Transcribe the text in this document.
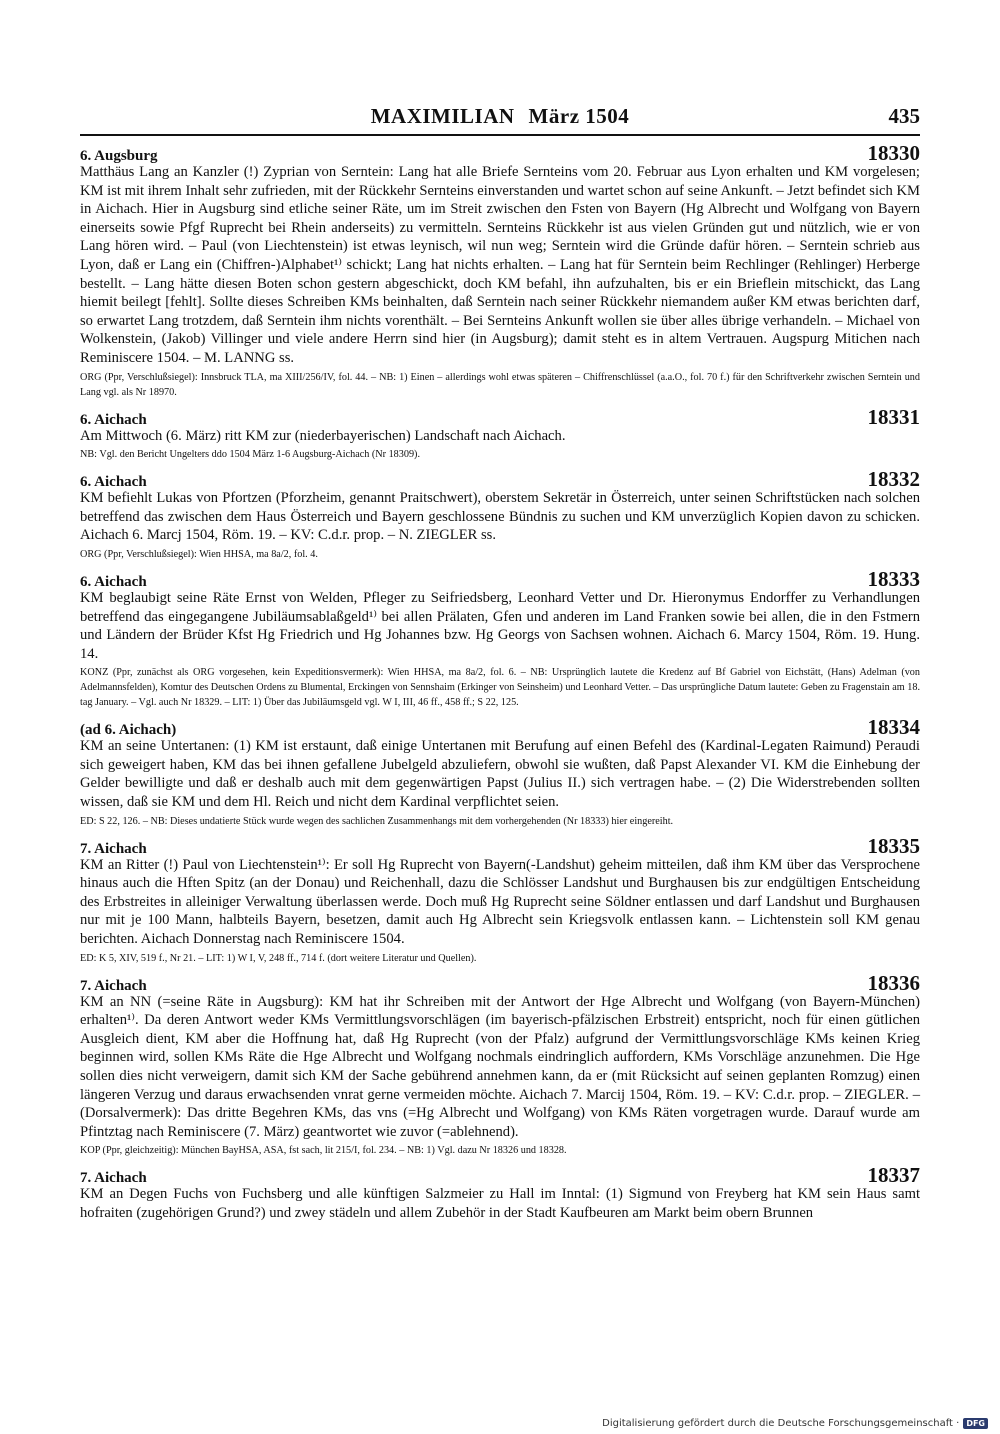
MAXIMILIAN März 1504	435
6. Augsburg	18330

Matthäus Lang an Kanzler (!) Zyprian von Serntein: Lang hat alle Briefe Sernteins vom 20. Februar aus Lyon erhalten und KM vorgelesen; KM ist mit ihrem Inhalt sehr zufrieden, mit der Rückkehr Sernteins einverstanden und wartet schon auf seine Ankunft. – Jetzt befindet sich KM in Aichach. Hier in Augsburg sind etliche seiner Räte, um im Streit zwischen den Fsten von Bayern (Hg Albrecht und Wolfgang von Bayern einerseits sowie Pfgf Ruprecht bei Rhein anderseits) zu vermitteln. Sernteins Rückkehr ist aus vielen Gründen gut und nützlich, wie er von Lang hören wird. – Paul (von Liechtenstein) ist etwas leynisch, wil nun weg; Serntein wird die Gründe dafür hören. – Serntein schrieb aus Lyon, daß er Lang ein (Chiffren-)Alphabet¹⁾ schickt; Lang hat nichts erhalten. – Lang hat für Serntein beim Rechlinger (Rehlinger) Herberge bestellt. – Lang hätte diesen Boten schon gestern abgeschickt, doch KM befahl, ihn aufzuhalten, bis er ein Brieflein mitschickt, das Lang hiemit beilegt [fehlt]. Sollte dieses Schreiben KMs beinhalten, daß Serntein nach seiner Rückkehr niemandem außer KM etwas berichten darf, so erwartet Lang trotzdem, daß Serntein ihm nichts vorenthält. – Bei Sernteins Ankunft wollen sie über alles übrige verhandeln. – Michael von Wolkenstein, (Jakob) Villinger und viele andere Herrn sind hier (in Augsburg); damit steht es in altem Vertrauen. Augspurg Mitichen nach Reminiscere 1504. – M. LANNG ss.

ORG (Ppr, Verschlußsiegel): Innsbruck TLA, ma XIII/256/IV, fol. 44. – NB: 1) Einen – allerdings wohl etwas späteren – Chiffrenschlüssel (a.a.O., fol. 70 f.) für den Schriftverkehr zwischen Serntein und Lang vgl. als Nr 18970.

6. Aichach	18331

Am Mittwoch (6. März) ritt KM zur (niederbayerischen) Landschaft nach Aichach.

NB: Vgl. den Bericht Ungelters ddo 1504 März 1-6 Augsburg-Aichach (Nr 18309).

6. Aichach	18332

KM befiehlt Lukas von Pfortzen (Pforzheim, genannt Praitschwert), oberstem Sekretär in Österreich, unter seinen Schriftstücken nach solchen betreffend das zwischen dem Haus Österreich und Bayern geschlossene Bündnis zu suchen und KM unverzüglich Kopien davon zu schicken. Aichach 6. Marcj 1504, Röm. 19. – KV: C.d.r. prop. – N. ZIEGLER ss.

ORG (Ppr, Verschlußsiegel): Wien HHSA, ma 8a/2, fol. 4.

6. Aichach	18333

KM beglaubigt seine Räte Ernst von Welden, Pfleger zu Seifriedsberg, Leonhard Vetter und Dr. Hieronymus Endorffer zu Verhandlungen betreffend das eingegangene Jubiläumsablaßgeld¹⁾ bei allen Prälaten, Gfen und anderen im Land Franken sowie bei allen, die in den Fstmern und Ländern der Brüder Kfst Hg Friedrich und Hg Johannes bzw. Hg Georgs von Sachsen wohnen. Aichach 6. Marcy 1504, Röm. 19. Hung. 14.

KONZ (Ppr, zunächst als ORG vorgesehen, kein Expeditionsvermerk): Wien HHSA, ma 8a/2, fol. 6. – NB: Ursprünglich lautete die Kredenz auf Bf Gabriel von Eichstätt, (Hans) Adelman (von Adelmannsfelden), Komtur des Deutschen Ordens zu Blumental, Erckingen von Sennshaim (Erkinger von Seinsheim) und Leonhard Vetter. – Das ursprüngliche Datum lautete: Geben zu Fragenstain am 18. tag January. – Vgl. auch Nr 18329. – LIT: 1) Über das Jubiläumsgeld vgl. W I, III, 46 ff., 458 ff.; S 22, 125.

(ad 6. Aichach)	18334

KM an seine Untertanen: (1) KM ist erstaunt, daß einige Untertanen mit Berufung auf einen Befehl des (Kardinal-Legaten Raimund) Peraudi sich geweigert haben, KM das bei ihnen gefallene Jubelgeld abzuliefern, obwohl sie wußten, daß Papst Alexander VI. KM die Einhebung der Gelder bewilligte und daß er deshalb auch mit dem gegenwärtigen Papst (Julius II.) sich vertragen habe. – (2) Die Widerstrebenden sollten wissen, daß sie KM und dem Hl. Reich und nicht dem Kardinal verpflichtet seien.

ED: S 22, 126. – NB: Dieses undatierte Stück wurde wegen des sachlichen Zusammenhangs mit dem vorhergehenden (Nr 18333) hier eingereiht.

7. Aichach	18335

KM an Ritter (!) Paul von Liechtenstein¹⁾: Er soll Hg Ruprecht von Bayern(-Landshut) geheim mitteilen, daß ihm KM über das Versprochene hinaus auch die Hften Spitz (an der Donau) und Reichenhall, dazu die Schlösser Landshut und Burghausen bis zur endgültigen Entscheidung des Erbstreites in alleiniger Verwaltung überlassen werde. Doch muß Hg Ruprecht seine Söldner entlassen und darf Landshut und Burghausen nur mit je 100 Mann, halbteils Bayern, besetzen, damit auch Hg Albrecht sein Kriegsvolk entlassen kann. – Lichtenstein soll KM genau berichten. Aichach Donnerstag nach Reminiscere 1504.

ED: K 5, XIV, 519 f., Nr 21. – LIT: 1) W I, V, 248 ff., 714 f. (dort weitere Literatur und Quellen).

7. Aichach	18336

KM an NN (=seine Räte in Augsburg): KM hat ihr Schreiben mit der Antwort der Hge Albrecht und Wolfgang (von Bayern-München) erhalten¹⁾. Da deren Antwort weder KMs Vermittlungsvorschlägen (im bayerisch-pfälzischen Erbstreit) entspricht, noch für einen gütlichen Ausgleich dient, KM aber die Hoffnung hat, daß Hg Ruprecht (von der Pfalz) aufgrund der Vermittlungsvorschläge KMs keinen Krieg beginnen wird, sollen KMs Räte die Hge Albrecht und Wolfgang nochmals eindringlich auffordern, KMs Vorschläge anzunehmen. Die Hge sollen dies nicht verweigern, damit sich KM der Sache gebührend annehmen kann, da er (mit Rücksicht auf seinen geplanten Romzug) einen längeren Verzug und daraus erwachsenden vnrat gerne vermeiden möchte. Aichach 7. Marcij 1504, Röm. 19. – KV: C.d.r. prop. – ZIEGLER. – (Dorsalvermerk): Das dritte Begehren KMs, das vns (=Hg Albrecht und Wolfgang) von KMs Räten vorgetragen wurde. Darauf wurde am Pfintztag nach Reminiscere (7. März) geantwortet wie zuvor (=ablehnend).

KOP (Ppr, gleichzeitig): München BayHSA, ASA, fst sach, lit 215/I, fol. 234. – NB: 1) Vgl. dazu Nr 18326 und 18328.

7. Aichach	18337

KM an Degen Fuchs von Fuchsberg und alle künftigen Salzmeier zu Hall im Inntal: (1) Sigmund von Freyberg hat KM sein Haus samt hofraiten (zugehörigen Grund?) und zwey städeln und allem Zubehör in der Stadt Kaufbeuren am Markt beim obern Brunnen

Digitalisierung gefördert durch die Deutsche Forschungsgemeinschaft · DFG
